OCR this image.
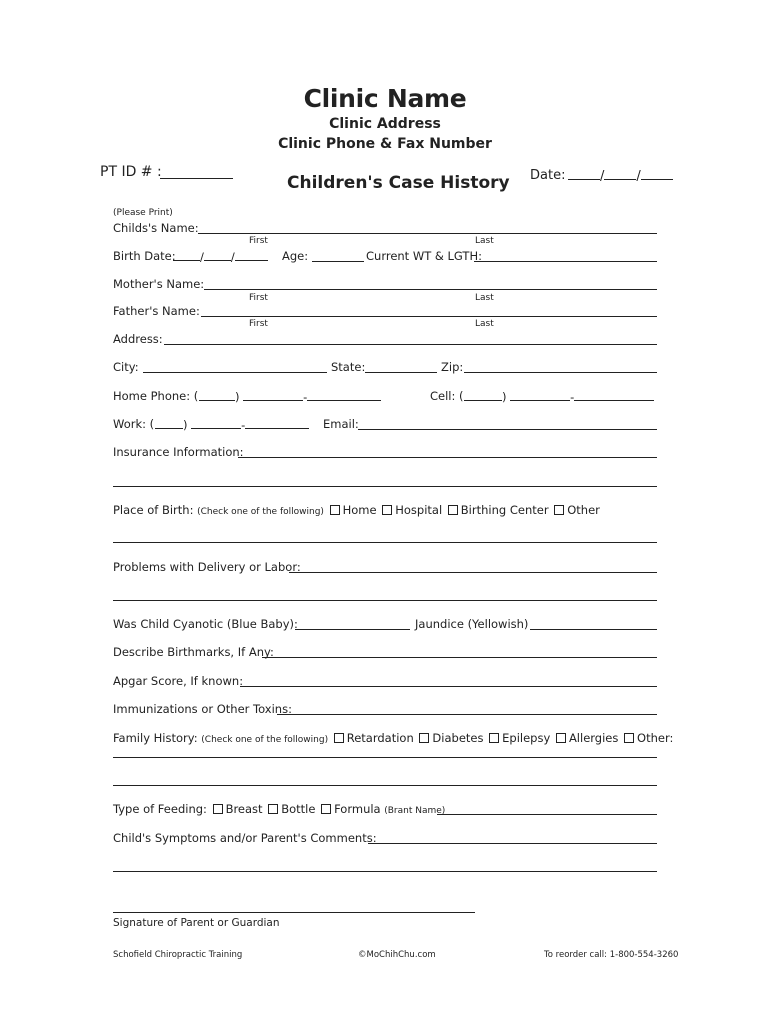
Clinic Name
Clinic Address
Clinic Phone & Fax Number
PT ID # :
Children's Case History Date:	/ /
(Please Print)
Childs's Name:
First	Last
Birth Date:	/ /	Age:	Current WT & LGTH:
Mother's Name:
First	Last
Father's Name:
First	Last
Address:
City:	State:	Zip:
Home Phone: (	)	-	Cell: (	)	-
Work: (	)	-	Email:
Insurance Information:
Place of Birth: (Check one of the following) Home Hospital Birthing Center Other
Problems with Delivery or Labor:
Was Child Cyanotic (Blue Baby):	Jaundice (Yellowish)
Describe Birthmarks, If Any:
Apgar Score, If known:
Immunizations or Other Toxins:
Family History: (Check one of the following) Retardation Diabetes Epilepsy Allergies Other:
Type of Feeding: Breast Bottle Formula (Brant Name)
Child's Symptoms and/or Parent's Comments:
Signature of Parent or Guardian
Schofield Chiropractic Training	©MoChihChu.com	To reorder call: 1-800-554-3260
